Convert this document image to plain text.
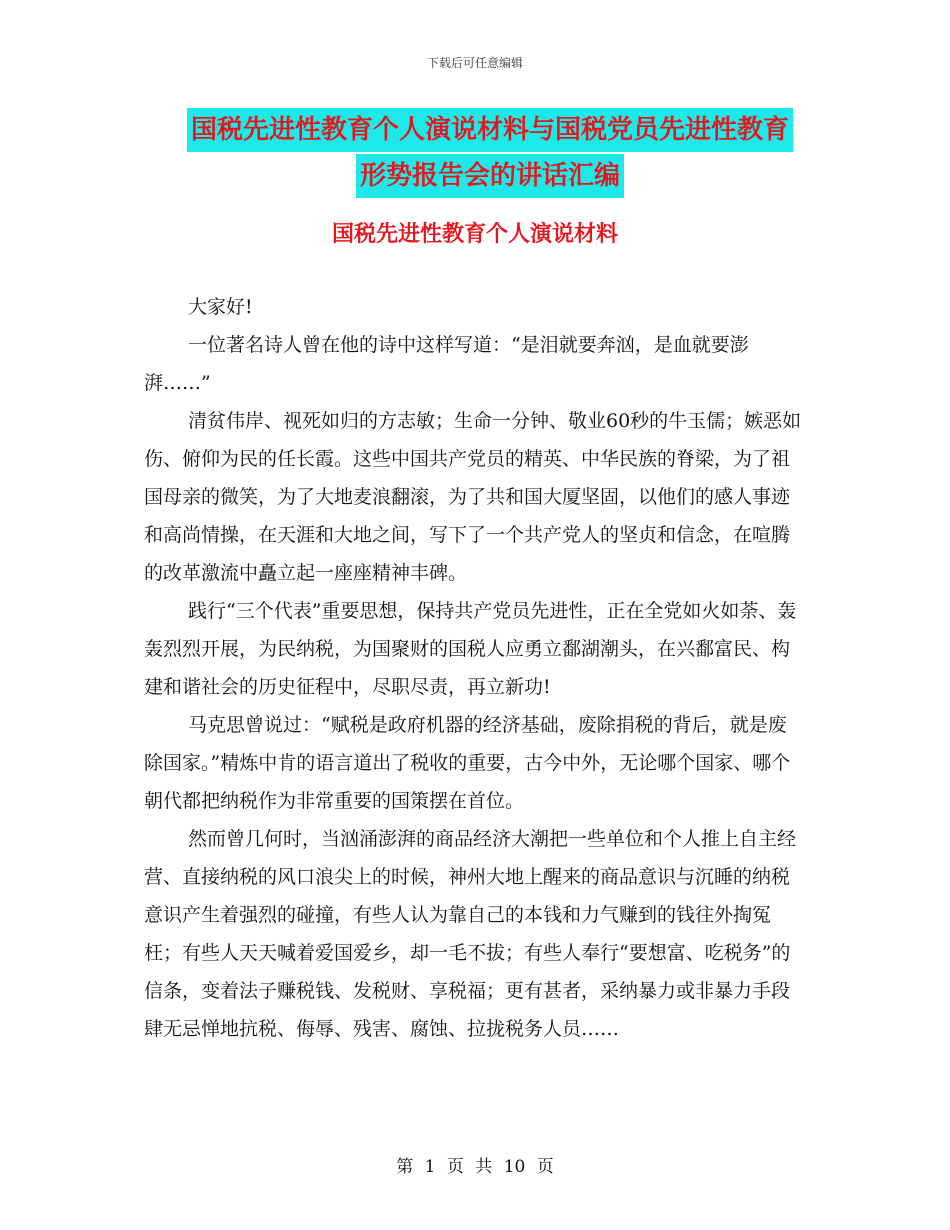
下载后可任意编辑
国税先进性教育个人演说材料与国税党员先进性教育
形势报告会的讲话汇编
国税先进性教育个人演说材料

大家好!

一位著名诗人曾在他的诗中这样写道：“是泪就要奔汹，是血就要澎湃……”

清贫伟岸、视死如归的方志敏；生命一分钟、敬业60秒的牛玉儒；嫉恶如伤、俯仰为民的任长霞。这些中国共产党员的精英、中华民族的脊梁，为了祖国母亲的微笑，为了大地麦浪翻滚，为了共和国大厦坚固，以他们的感人事迹和高尚情操，在天涯和大地之间，写下了一个共产党人的坚贞和信念，在喧腾的改革激流中矗立起一座座精神丰碑。

践行“三个代表”重要思想，保持共产党员先进性，正在全党如火如荼、轰轰烈烈开展，为民纳税，为国聚财的国税人应勇立鄱湖潮头，在兴鄱富民、构建和谐社会的历史征程中，尽职尽责，再立新功!

马克思曾说过：“赋税是政府机器的经济基础，废除捐税的背后，就是废除国家。”精炼中肯的语言道出了税收的重要，古今中外，无论哪个国家、哪个朝代都把纳税作为非常重要的国策摆在首位。

然而曾几何时，当汹涌澎湃的商品经济大潮把一些单位和个人推上自主经营、直接纳税的风口浪尖上的时候，神州大地上醒来的商品意识与沉睡的纳税意识产生着强烈的碰撞，有些人认为靠自己的本钱和力气赚到的钱往外掏冤枉；有些人天天喊着爱国爱乡，却一毛不拔；有些人奉行“要想富、吃税务”的信条，变着法子赚税钱、发税财、享税福；更有甚者，采纳暴力或非暴力手段肆无忌惮地抗税、侮辱、残害、腐蚀、拉拢税务人员……

第 1 页 共 10 页
